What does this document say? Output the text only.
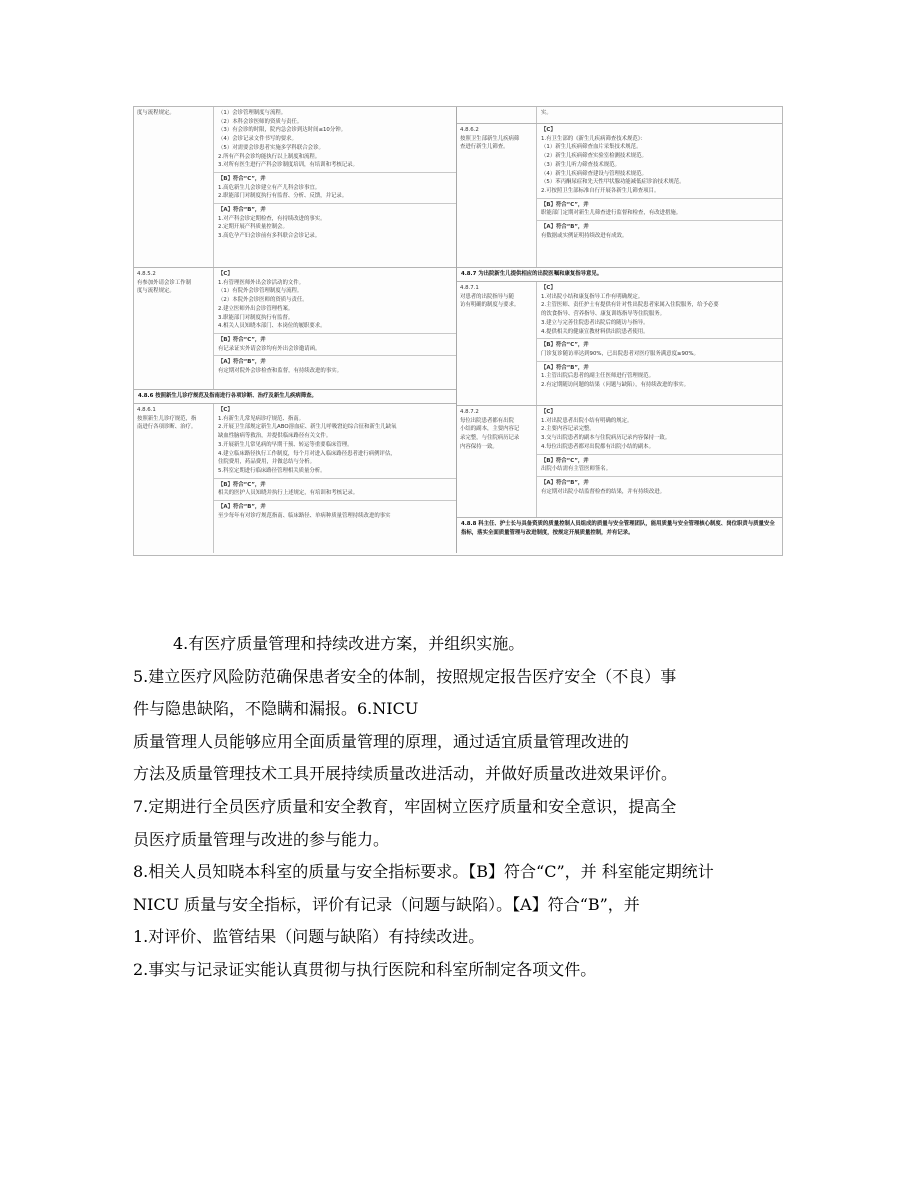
度与流程规定。	（1）会诊管理制度与流程。
（2）本科会诊医师的资质与责任。
（3）有会诊的时限，院内急会诊到达时间≤10分钟。
（4）会诊记录文件书写的要求。
（5）对需要会诊患者实施多学科联合会诊。
2.所有产科会诊均能执行以上制度和流程。
3.对所有医生进行产科会诊制度培训，有培训和考核记录。
【B】符合“C”，并
1.高危新生儿会诊建立有产儿科会诊事宜。
2.职能部门对制度执行有监督、分析、反馈，并记录。
【A】符合“B”，并
1.对产科会诊定期检查，有持续改进的事实。
2.定期开展产科质量控制会。
3.高危孕产妇会诊前有多科联合会诊记录。
4.8.5.2
有参加外请会诊工作制
度与流程规定。
【C】
1.有管理医师外出会诊活动的文件。
（1）有院外会诊管理制度与流程。
（2）本院外会诊医师的资质与责任。
2.建立医师外出会诊管理档案。
3.职能部门对制度执行有监督。
4.相关人员知晓本部门、本岗位的履职要求。
【B】符合“C”，并
有记录证实外请会诊均有外出会诊邀请函。
【A】符合“B”，并
有定期对院外会诊检查和监督，有持续改进的事实。
4.8.6 按照新生儿诊疗规范及指南进行各项诊断、治疗及新生儿疾病筛查。
4.8.6.1
按照新生儿诊疗规范，指
南进行各项诊断、治疗。
【C】
1.有新生儿常见病诊疗规范、指南。
2.开展卫生部规定新生儿ABO溶血症、新生儿呼吸窘迫综合征和新生儿缺氧
缺血性脑病等救治，并提供临床路径有关文件。
3.开展新生儿常见病的早期干预、转运等重要临床管理。
4.建立临床路径执行工作制度，每个月对进入临床路径患者进行病例评估，
住院费用，药品费用，并做总结与分析。
5.科室定期进行临床路径管理相关质量分析。
【B】符合“C”，并
相关的医护人员知晓并执行上述规定，有培训和考核记录。
【A】符合“B”，并
至少每年有对诊疗规范指南、临床路径、单病种质量管理持续改进的事实
实。
4.8.6.2
按照卫生部新生儿疾病筛
查进行新生儿筛查。
【C】
1.有卫生部的《新生儿疾病筛查技术规范》：
（1）新生儿疾病筛查血片采集技术规范。
（2）新生儿疾病筛查实验室检测技术规范。
（3）新生儿听力筛查技术规范。
（4）新生儿疾病筛查建设与管理技术规范。
（5）苯丙酮尿症和先天性甲状腺功能减低症诊治技术规范。
2.可按照卫生部标准自行开展各新生儿筛查项目。
【B】符合“C”，并
职能部门定期对新生儿筛查进行监督和检查，有改进措施。
【A】符合“B”，并
有数据或实例证明持续改进有成效。
4.8.7 为出院新生儿提供相应的出院医嘱和康复指导意见。
4.8.7.1
对患者的出院指导与随
访有明确的制度与要求。
【C】
1.对出院小结和康复指导工作有明确规定。
2.主管医师、责任护士有提供有针对性出院患者家属入住院服务，给予必要
的饮食指导、营养指导、康复训练指导等住院服务。
3.建立与完善住院患者出院后的随访与指导。
4.提供相关的健康宣教材料供出院患者使用。
【B】符合“C”，并
门诊复诊随访率达到90%，已出院患者对医疗服务满意度≥90%。
【A】符合“B”，并
1.主管出院后患者的副主任医师进行管理规范。
2.有定期随访问题的结果（问题与缺陷），有持续改进的事实。
4.8.7.2
每位出院患者都有出院
小结的副本，主要内容记
录完整，与住院病历记录
内容保持一致。
【C】
1.对出院患者出院小结有明确的规定。
2.主要内容记录完整。
3.交与出院患者的副本与住院病历记录内容保持一致。
4.每位出院患者都对出院都有出院小结的副本。
【B】符合“C”，并
出院小结需有主管医师签名。
【A】符合“B”，并
有定期对出院小结监督检查的结果，并有持续改进。
4.8.8 科主任、护士长与具备资质的质量控制人员组成的质量与安全管理团队，能用质量与安全管理核心制度、岗位职责与质量安全指标，落实全面质量管理与改进制度，按规定开展质量控制，并有记录。

4.有医疗质量管理和持续改进方案，并组织实施。

5.建立医疗风险防范确保患者安全的体制，按照规定报告医疗安全（不良）事

件与隐患缺陷，不隐瞒和漏报。6.NICU

质量管理人员能够应用全面质量管理的原理，通过适宜质量管理改进的

方法及质量管理技术工具开展持续质量改进活动，并做好质量改进效果评价。

7.定期进行全员医疗质量和安全教育，牢固树立医疗质量和安全意识，提高全

员医疗质量管理与改进的参与能力。

8.相关人员知晓本科室的质量与安全指标要求。【B】符合“C”，并 科室能定期统计

NICU 质量与安全指标，评价有记录（问题与缺陷）。【A】符合“B”，并

1.对评价、监管结果（问题与缺陷）有持续改进。

2.事实与记录证实能认真贯彻与执行医院和科室所制定各项文件。
